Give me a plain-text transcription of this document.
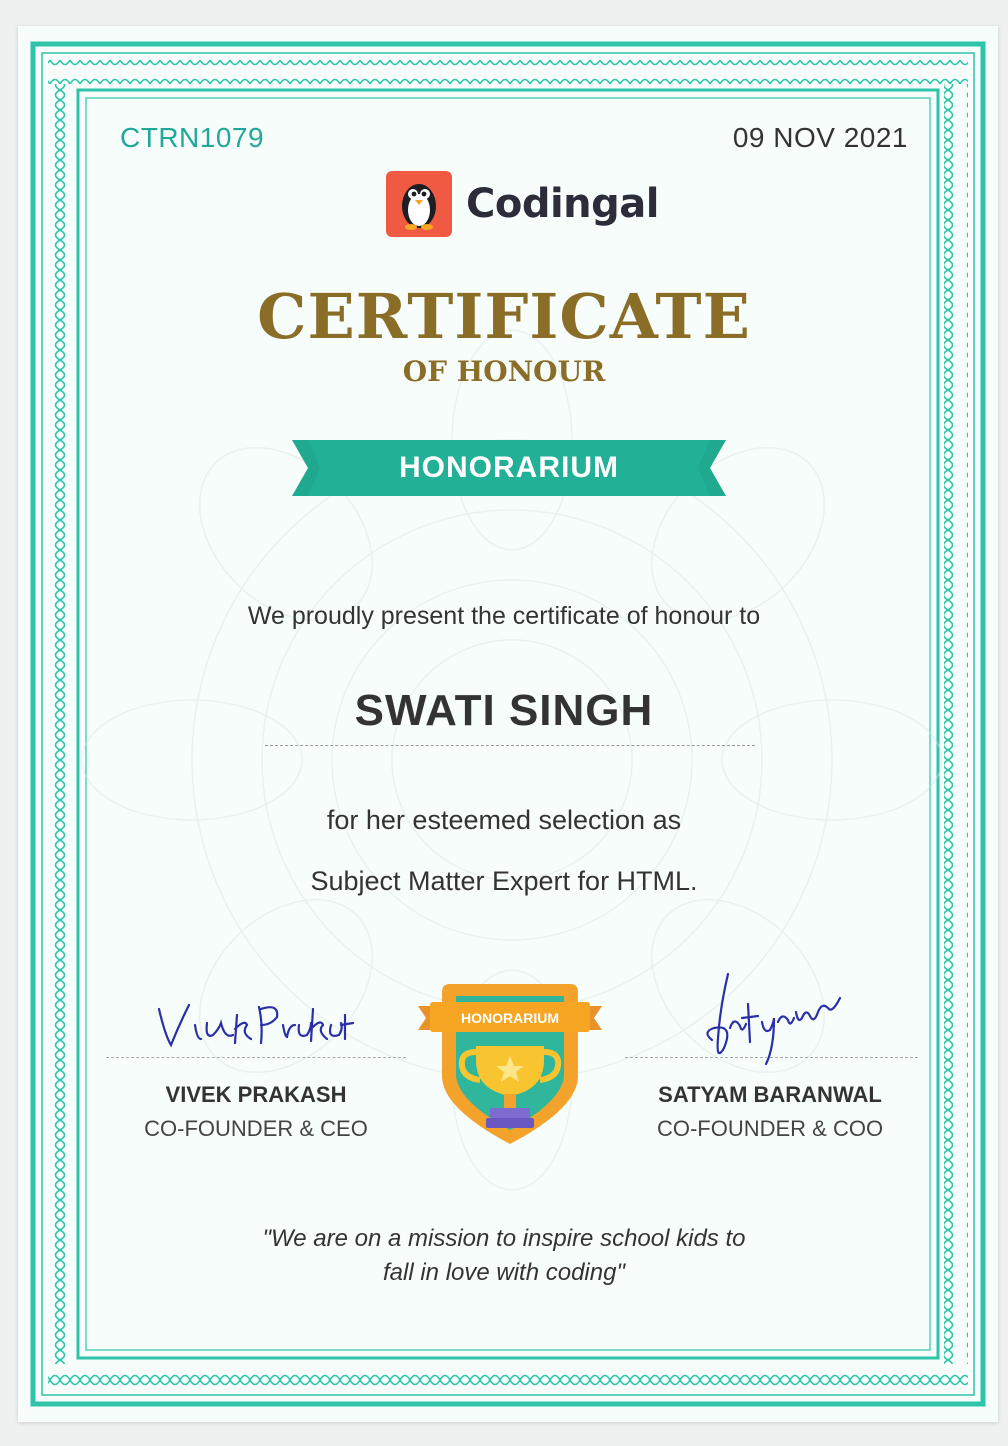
CTRN1079	09 NOV 2021
Codingal
CERTIFICATE
OF HONOUR
HONORARIUM
We proudly present the certificate of honour to
SWATI SINGH
for her esteemed selection as
Subject Matter Expert for HTML.
VIVEK PRAKASH
CO-FOUNDER & CEO
SATYAM BARANWAL
CO-FOUNDER & COO
HONORARIUM
"We are on a mission to inspire school kids to
fall in love with coding"
